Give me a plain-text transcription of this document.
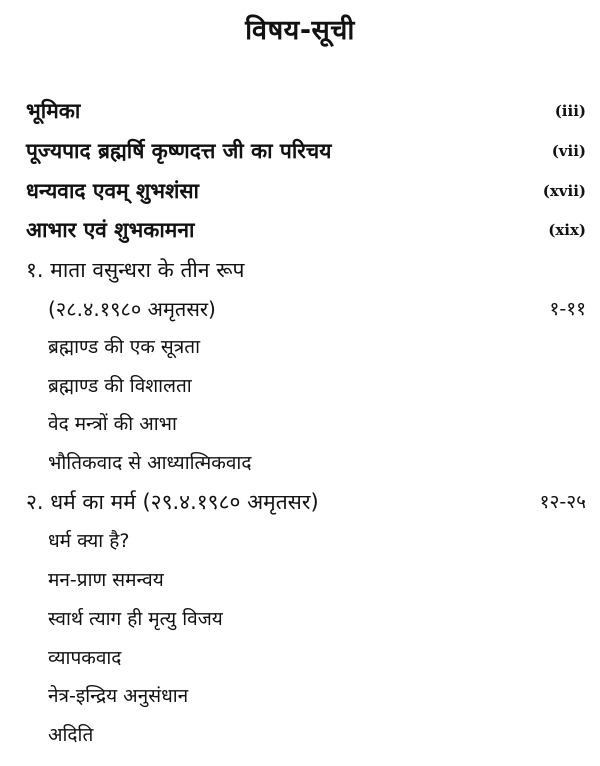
विषय-सूची
भूमिका	(iii)
पूज्यपाद ब्रह्मर्षि कृष्णदत्त जी का परिचय	(vii)
धन्यवाद एवम् शुभशंसा	(xvii)
आभार एवं शुभकामना	(xix)
१. माता वसुन्धरा के तीन रूप
(२८.४.१९८० अमृतसर)	१-११
ब्रह्माण्ड की एक सूत्रता
ब्रह्माण्ड की विशालता
वेद मन्त्रों की आभा
भौतिकवाद से आध्यात्मिकवाद
२. धर्म का मर्म (२९.४.१९८० अमृतसर)	१२-२५
धर्म क्या है?
मन-प्राण समन्वय
स्वार्थ त्याग ही मृत्यु विजय
व्यापकवाद
नेत्र-इन्द्रिय अनुसंधान
अदिति
